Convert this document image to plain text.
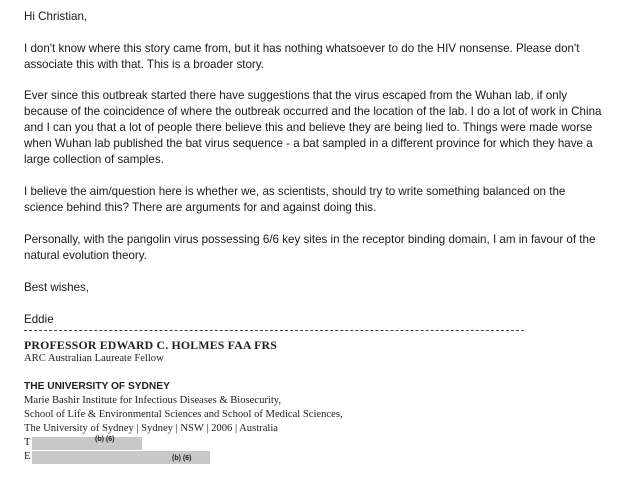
Hi Christian,

I don't know where this story came from, but it has nothing whatsoever to do the HIV nonsense. Please don't associate this with that. This is a broader story.

Ever since this outbreak started there have suggestions that the virus escaped from the Wuhan lab, if only because of the coincidence of where the outbreak occurred and the location of the lab. I do a lot of work in China and I can you that a lot of people there believe this and believe they are being lied to. Things were made worse when Wuhan lab published the bat virus sequence - a bat sampled in a different province for which they have a large collection of samples.

I believe the aim/question here is whether we, as scientists, should try to write something balanced on the science behind this? There are arguments for and against doing this.

Personally, with the pangolin virus possessing 6/6 key sites in the receptor binding domain, I am in favour of the natural evolution theory.

Best wishes,

Eddie

PROFESSOR EDWARD C. HOLMES FAA FRS
ARC Australian Laureate Fellow
THE UNIVERSITY OF SYDNEY
Marie Bashir Institute for Infectious Diseases & Biosecurity,
School of Life & Environmental Sciences and School of Medical Sciences,
The University of Sydney | Sydney | NSW | 2006 | Australia
T	(b) (6)
E	(b) (6)
